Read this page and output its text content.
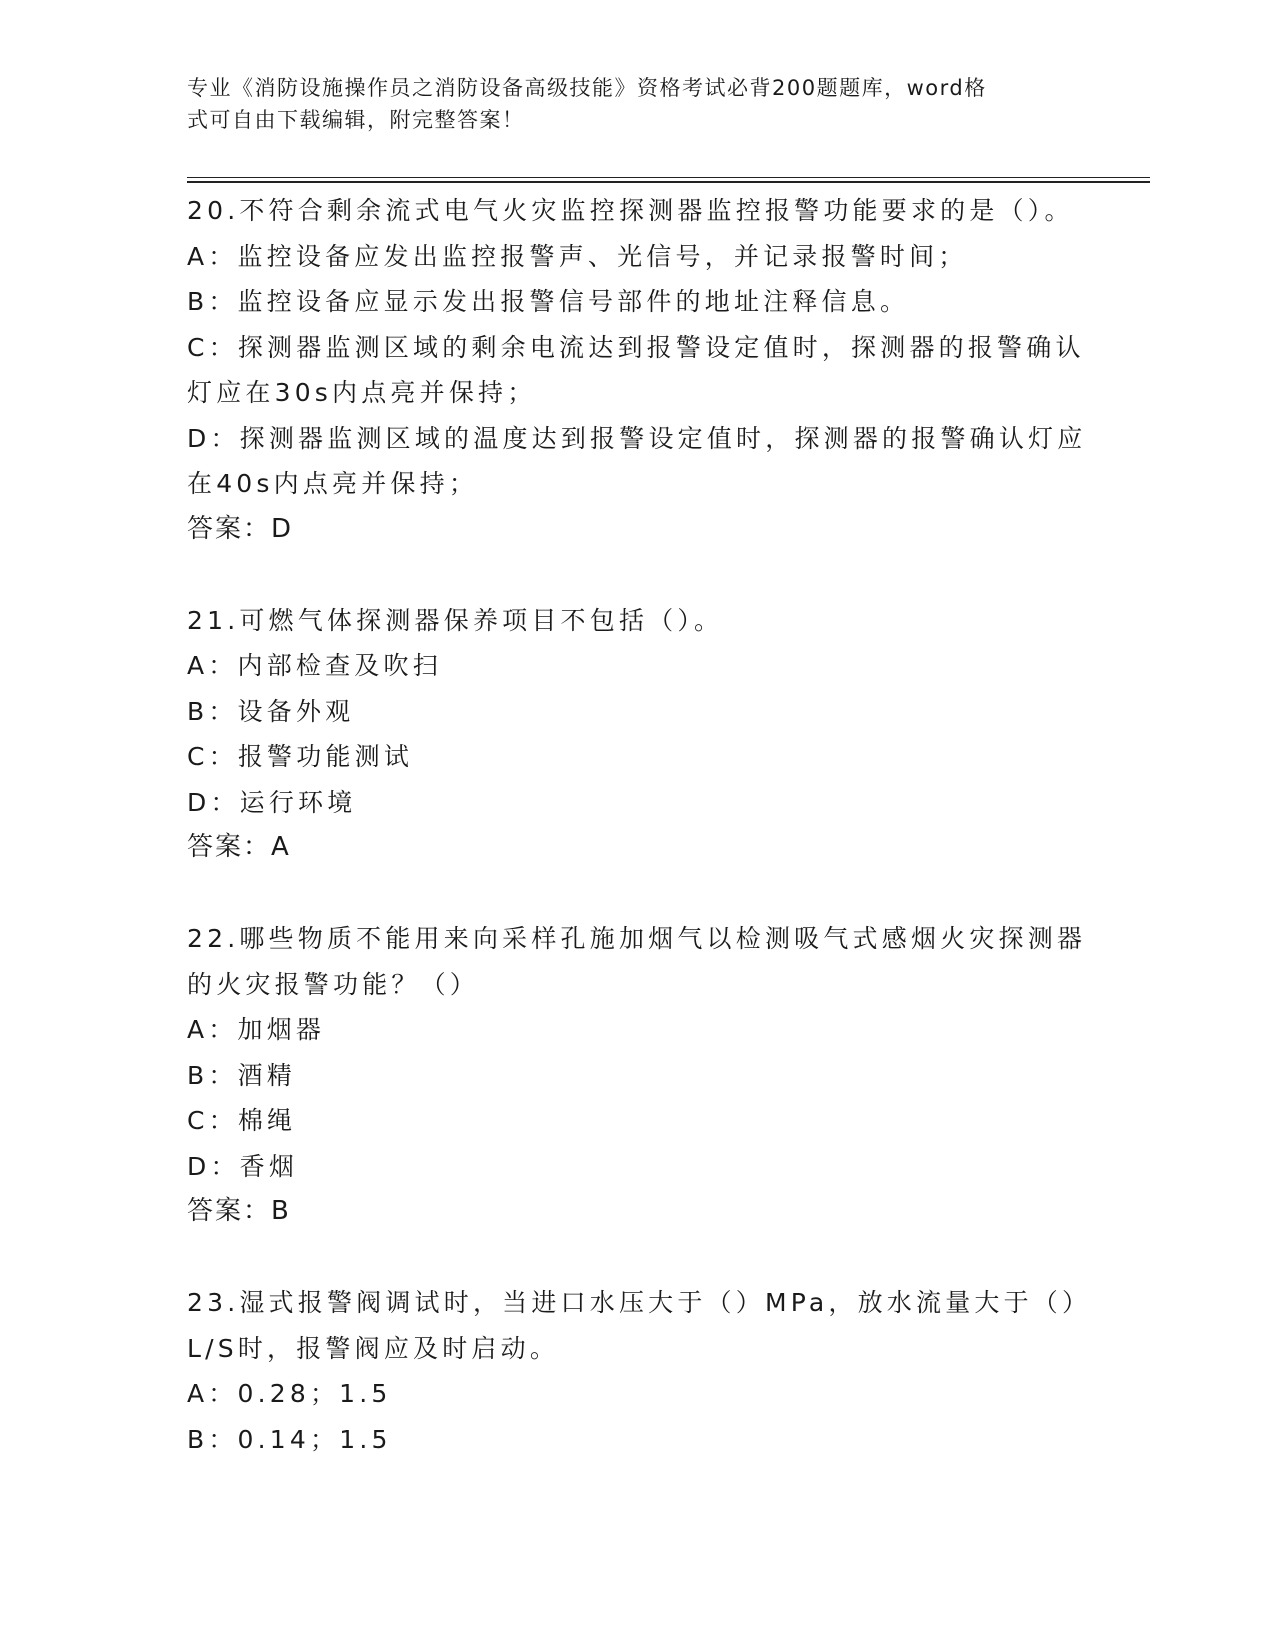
专业《消防设施操作员之消防设备高级技能》资格考试必背200题题库，word格

式可自由下载编辑，附完整答案！

20.不符合剩余流式电气火灾监控探测器监控报警功能要求的是（）。

A：监控设备应发出监控报警声、光信号，并记录报警时间；

B：监控设备应显示发出报警信号部件的地址注释信息。

C：探测器监测区域的剩余电流达到报警设定值时，探测器的报警确认

灯应在30s内点亮并保持；

D：探测器监测区域的温度达到报警设定值时，探测器的报警确认灯应

在40s内点亮并保持；

答案：D

21.可燃气体探测器保养项目不包括（）。

A：内部检查及吹扫

B：设备外观

C：报警功能测试

D：运行环境

答案：A

22.哪些物质不能用来向采样孔施加烟气以检测吸气式感烟火灾探测器

的火灾报警功能？（）

A：加烟器

B：酒精

C：棉绳

D：香烟

答案：B

23.湿式报警阀调试时，当进口水压大于（）MPa，放水流量大于（）

L/S时，报警阀应及时启动。

A：0.28；1.5

B：0.14；1.5
